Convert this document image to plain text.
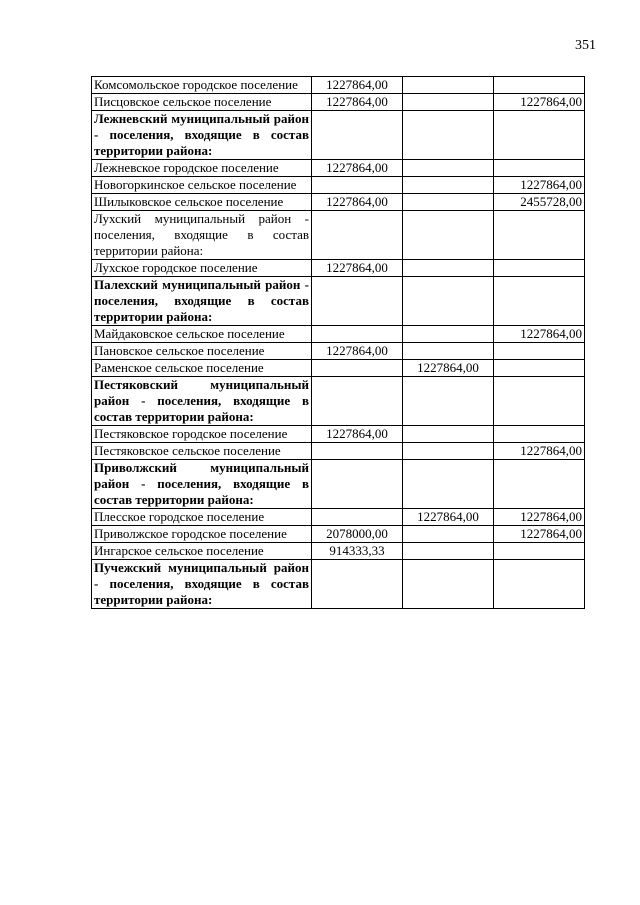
351
Комсомольское городское поселение	1227864,00		
Писцовское сельское поселение	1227864,00		1227864,00
Лежневский муниципальный район - поселения, входящие в состав территории района:			
Лежневское городское поселение	1227864,00		
Новогоркинское сельское поселение			1227864,00
Шилыковское сельское поселение	1227864,00		2455728,00
Лухский муниципальный район - поселения, входящие в состав территории района:			
Лухское городское поселение	1227864,00		
Палехский муниципальный район - поселения, входящие в состав территории района:			
Майдаковское сельское поселение			1227864,00
Пановское сельское поселение	1227864,00		
Раменское сельское поселение		1227864,00	
Пестяковский муниципальный район - поселения, входящие в состав территории района:			
Пестяковское городское поселение	1227864,00		
Пестяковское сельское поселение			1227864,00
Приволжский муниципальный район - поселения, входящие в состав территории района:			
Плесское городское поселение		1227864,00	1227864,00
Приволжское городское поселение	2078000,00		1227864,00
Ингарское сельское поселение	914333,33		
Пучежский муниципальный район - поселения, входящие в состав территории района:			
